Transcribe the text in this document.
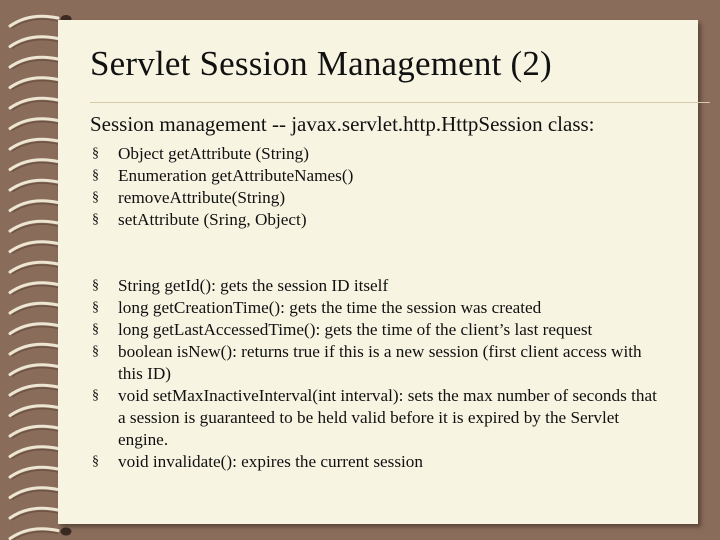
Servlet Session Management (2)

Session management -- javax.servlet.http.HttpSession class:

§	Object getAttribute (String)
§	Enumeration getAttributeNames()
§	removeAttribute(String)
§	setAttribute (Sring, Object)
§	String getId(): gets the session ID itself
§	long getCreationTime(): gets the time the session was created
§	long getLastAccessedTime(): gets the time of the client’s last request
§	boolean isNew(): returns true if this is a new session (first client access with this ID)
§	void setMaxInactiveInterval(int interval): sets the max number of seconds that a session is guaranteed to be held valid before it is expired by the Servlet engine.
§	void invalidate(): expires the current session
